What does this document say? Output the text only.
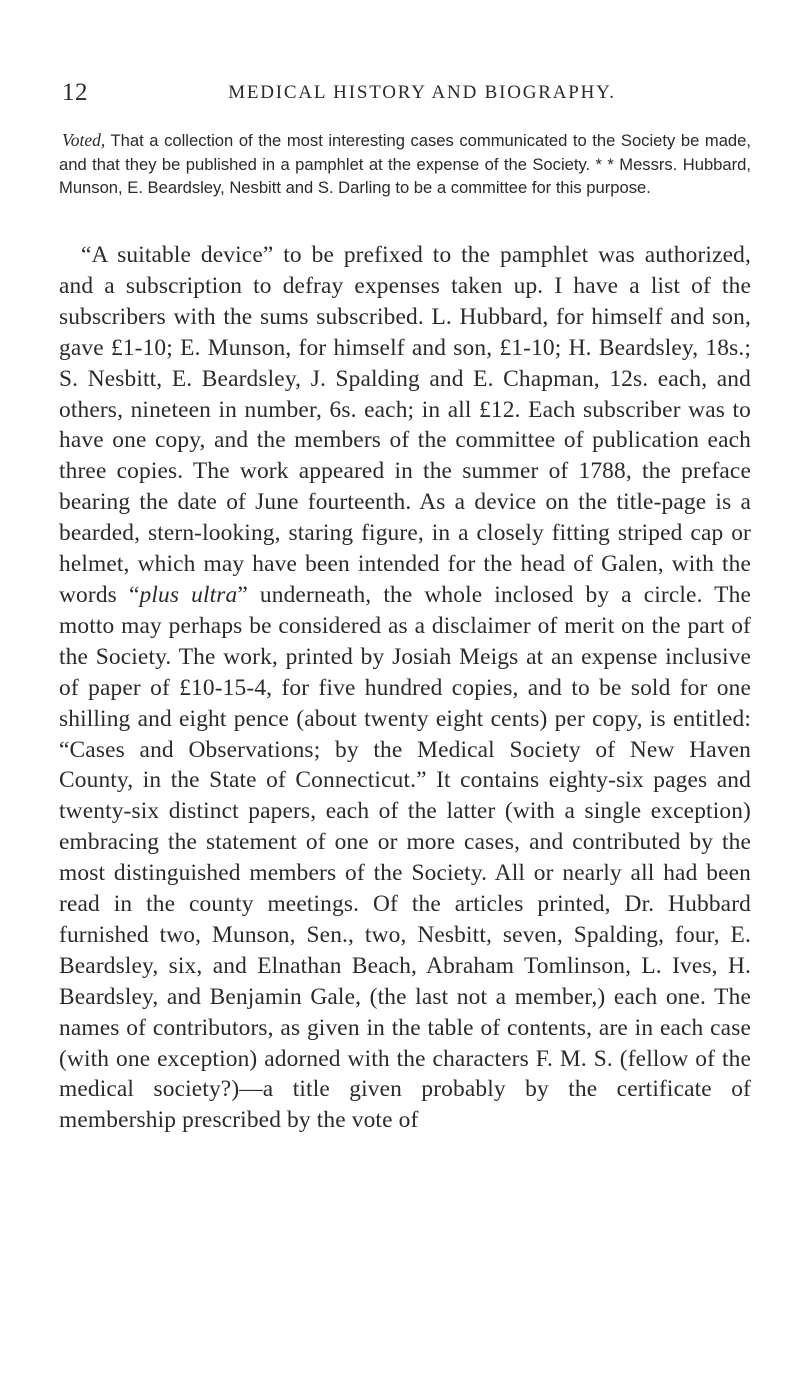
12	MEDICAL HISTORY AND BIOGRAPHY.

Voted, That a collection of the most interesting cases communicated to the Society be made, and that they be published in a pamphlet at the expense of the Society. * * Messrs. Hubbard, Munson, E. Beardsley, Nesbitt and S. Darling to be a committee for this purpose.

“A suitable device” to be prefixed to the pamphlet was authorized, and a subscription to defray expenses taken up. I have a list of the subscribers with the sums subscribed. L. Hubbard, for himself and son, gave £1-10; E. Munson, for himself and son, £1-10; H. Beardsley, 18s.; S. Nesbitt, E. Beardsley, J. Spalding and E. Chapman, 12s. each, and others, nineteen in number, 6s. each; in all £12. Each subscriber was to have one copy, and the members of the committee of publication each three copies. The work appeared in the summer of 1788, the preface bearing the date of June fourteenth. As a device on the title-page is a bearded, stern-looking, staring figure, in a closely fitting striped cap or helmet, which may have been intended for the head of Galen, with the words “plus ultra” underneath, the whole inclosed by a circle. The motto may perhaps be considered as a disclaimer of merit on the part of the Society. The work, printed by Josiah Meigs at an expense inclusive of paper of £10-15-4, for five hundred copies, and to be sold for one shilling and eight pence (about twenty eight cents) per copy, is entitled: “Cases and Observations; by the Medical Society of New Haven County, in the State of Connecticut.” It contains eighty-six pages and twenty-six distinct papers, each of the latter (with a single exception) embracing the statement of one or more cases, and contributed by the most distinguished members of the Society. All or nearly all had been read in the county meetings. Of the articles printed, Dr. Hubbard furnished two, Munson, Sen., two, Nesbitt, seven, Spalding, four, E. Beardsley, six, and Elnathan Beach, Abraham Tomlinson, L. Ives, H. Beardsley, and Benjamin Gale, (the last not a member,) each one. The names of contributors, as given in the table of contents, are in each case (with one exception) adorned with the characters F. M. S. (fellow of the medical society?)—a title given probably by the certificate of membership prescribed by the vote of
